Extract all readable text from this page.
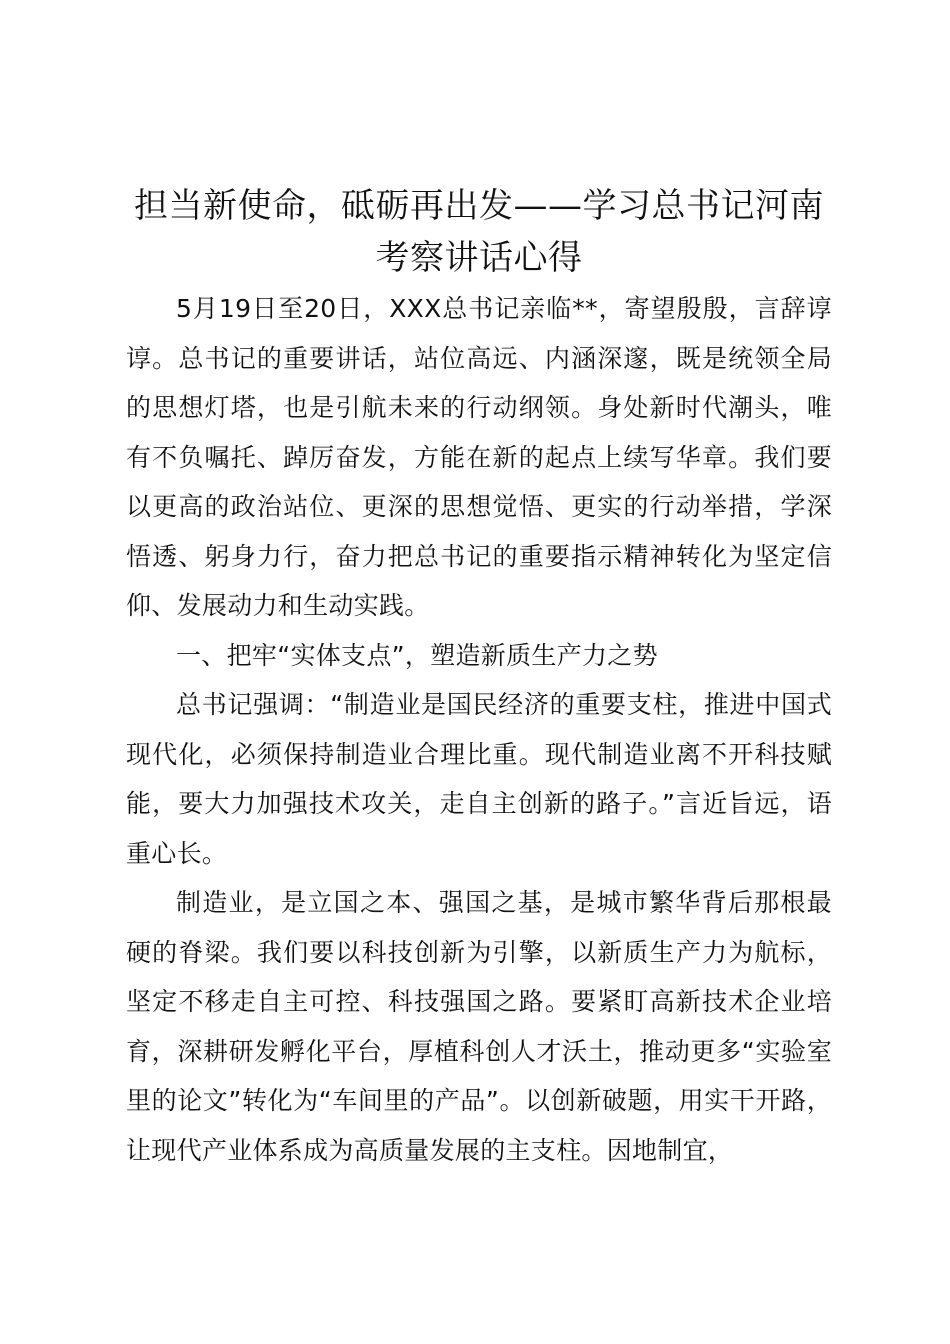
担当新使命，砥砺再出发——学习总书记河南考察讲话心得

5月19日至20日，XXX总书记亲临**，寄望殷殷，言辞谆谆。总书记的重要讲话，站位高远、内涵深邃，既是统领全局的思想灯塔，也是引航未来的行动纲领。身处新时代潮头，唯有不负嘱托、踔厉奋发，方能在新的起点上续写华章。我们要以更高的政治站位、更深的思想觉悟、更实的行动举措，学深悟透、躬身力行，奋力把总书记的重要指示精神转化为坚定信仰、发展动力和生动实践。

一、把牢“实体支点”，塑造新质生产力之势

总书记强调：“制造业是国民经济的重要支柱，推进中国式现代化，必须保持制造业合理比重。现代制造业离不开科技赋能，要大力加强技术攻关，走自主创新的路子。”言近旨远，语重心长。

制造业，是立国之本、强国之基，是城市繁华背后那根最硬的脊梁。我们要以科技创新为引擎，以新质生产力为航标，坚定不移走自主可控、科技强国之路。要紧盯高新技术企业培育，深耕研发孵化平台，厚植科创人才沃土，推动更多“实验室里的论文”转化为“车间里的产品”。以创新破题，用实干开路，让现代产业体系成为高质量发展的主支柱。因地制宜，
